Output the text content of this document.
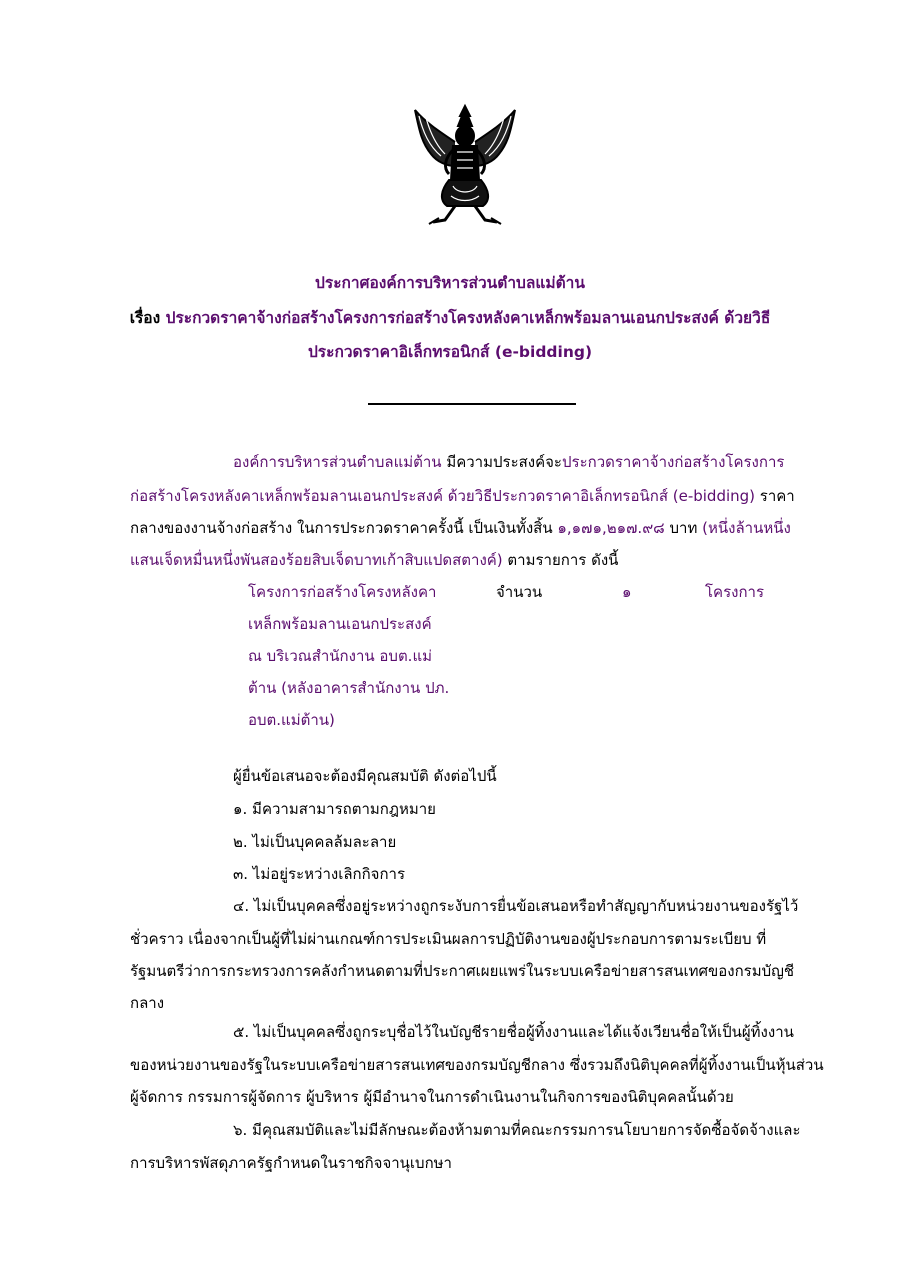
ประกาศองค์การบริหารส่วนตำบลแม่ต้าน
เรื่อง ประกวดราคาจ้างก่อสร้างโครงการก่อสร้างโครงหลังคาเหล็กพร้อมลานเอนกประสงค์ ด้วยวิธี
ประกวดราคาอิเล็กทรอนิกส์ (e-bidding)
องค์การบริหารส่วนตำบลแม่ต้าน มีความประสงค์จะประกวดราคาจ้างก่อสร้างโครงการ
ก่อสร้างโครงหลังคาเหล็กพร้อมลานเอนกประสงค์ ด้วยวิธีประกวดราคาอิเล็กทรอนิกส์ (e-bidding) ราคา
กลางของงานจ้างก่อสร้าง ในการประกวดราคาครั้งนี้ เป็นเงินทั้งสิ้น ๑,๑๗๑,๒๑๗.๙๘ บาท (หนึ่งล้านหนึ่ง
แสนเจ็ดหมื่นหนึ่งพันสองร้อยสิบเจ็ดบาทเก้าสิบแปดสตางค์) ตามรายการ ดังนี้
โครงการก่อสร้างโครงหลังคา
เหล็กพร้อมลานเอนกประสงค์
ณ บริเวณสำนักงาน อบต.แม่
ต้าน (หลังอาคารสำนักงาน ปภ.
อบต.แม่ต้าน)
จำนวน	๑	โครงการ
ผู้ยื่นข้อเสนอจะต้องมีคุณสมบัติ ดังต่อไปนี้
๑. มีความสามารถตามกฎหมาย
๒. ไม่เป็นบุคคลล้มละลาย
๓. ไม่อยู่ระหว่างเลิกกิจการ
๔. ไม่เป็นบุคคลซึ่งอยู่ระหว่างถูกระงับการยื่นข้อเสนอหรือทำสัญญากับหน่วยงานของรัฐไว้
ชั่วคราว เนื่องจากเป็นผู้ที่ไม่ผ่านเกณฑ์การประเมินผลการปฏิบัติงานของผู้ประกอบการตามระเบียบ ที่
รัฐมนตรีว่าการกระทรวงการคลังกำหนดตามที่ประกาศเผยแพร่ในระบบเครือข่ายสารสนเทศของกรมบัญชี
กลาง
๕. ไม่เป็นบุคคลซึ่งถูกระบุชื่อไว้ในบัญชีรายชื่อผู้ทิ้งงานและได้แจ้งเวียนชื่อให้เป็นผู้ทิ้งงาน
ของหน่วยงานของรัฐในระบบเครือข่ายสารสนเทศของกรมบัญชีกลาง ซึ่งรวมถึงนิติบุคคลที่ผู้ทิ้งงานเป็นหุ้นส่วน
ผู้จัดการ กรรมการผู้จัดการ ผู้บริหาร ผู้มีอำนาจในการดำเนินงานในกิจการของนิติบุคคลนั้นด้วย
๖. มีคุณสมบัติและไม่มีลักษณะต้องห้ามตามที่คณะกรรมการนโยบายการจัดซื้อจัดจ้างและ
การบริหารพัสดุภาครัฐกำหนดในราชกิจจานุเบกษา
